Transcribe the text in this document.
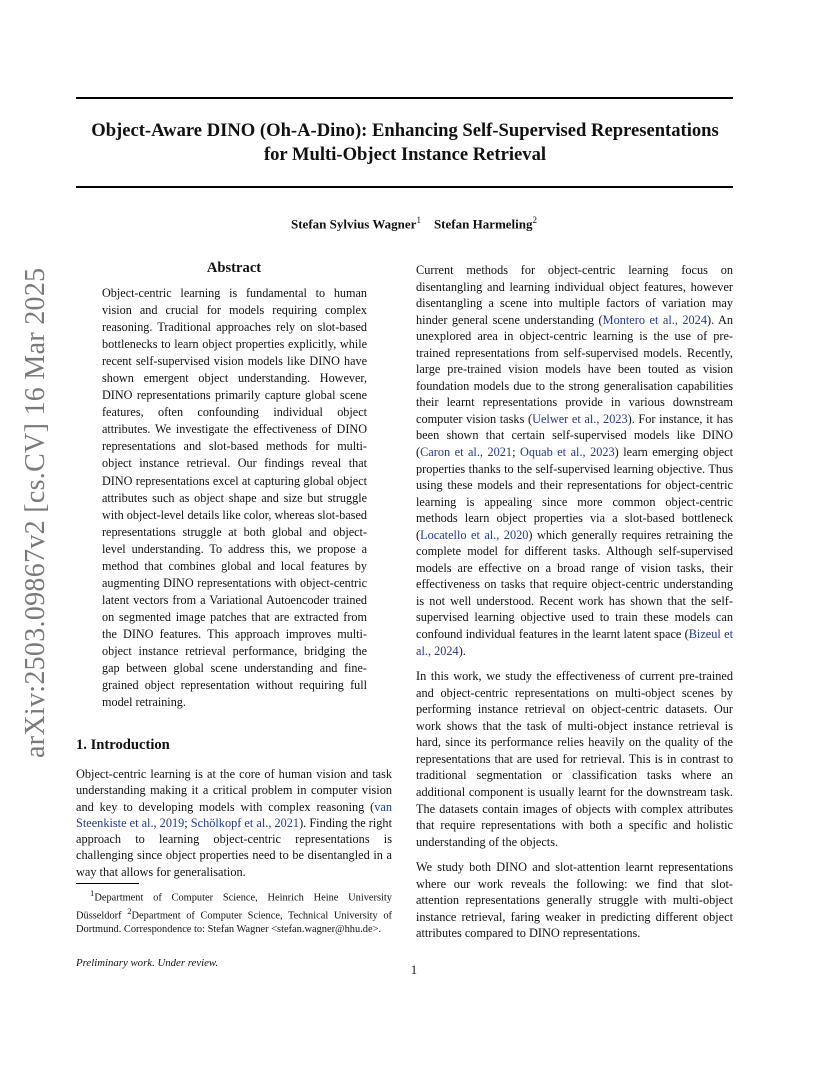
Object-Aware DINO (Oh-A-Dino): Enhancing Self-Supervised Representations
for Multi-Object Instance Retrieval
Stefan Sylvius Wagner$^1$ Stefan Harmeling$^2$
arXiv:2503.09867v2 [cs.CV] 16 Mar 2025	Abstract

Object-centric learning is fundamental to human vision and crucial for models requiring complex reasoning. Traditional approaches rely on slot-based bottlenecks to learn object properties explicitly, while recent self-supervised vision models like DINO have shown emergent object understanding. However, DINO representations primarily capture global scene features, often confounding individual object attributes. We investigate the effectiveness of DINO representations and slot-based methods for multi-object instance retrieval. Our findings reveal that DINO representations excel at capturing global object attributes such as object shape and size but struggle with object-level details like color, whereas slot-based representations struggle at both global and object-level understanding. To address this, we propose a method that combines global and local features by augmenting DINO representations with object-centric latent vectors from a Variational Autoencoder trained on segmented image patches that are extracted from the DINO features. This approach improves multi-object instance retrieval performance, bridging the gap between global scene understanding and fine-grained object representation without requiring full model retraining.

1. Introduction

Object-centric learning is at the core of human vision and task understanding making it a critical problem in computer vision and key to developing models with complex reasoning (van Steenkiste et al., 2019; Schölkopf et al., 2021). Finding the right approach to learning object-centric representations is challenging since object properties need to be disentangled in a way that allows for generalisation.

Current methods for object-centric learning focus on disentangling and learning individual object features, however disentangling a scene into multiple factors of variation may hinder general scene understanding (Montero et al., 2024). An unexplored area in object-centric learning is the use of pre-trained representations from self-supervised models. Recently, large pre-trained vision models have been touted as vision foundation models due to the strong generalisation capabilities their learnt representations provide in various downstream computer vision tasks (Uelwer et al., 2023). For instance, it has been shown that certain self-supervised models like DINO (Caron et al., 2021; Oquab et al., 2023) learn emerging object properties thanks to the self-supervised learning objective. Thus using these models and their representations for object-centric learning is appealing since more common object-centric methods learn object properties via a slot-based bottleneck (Locatello et al., 2020) which generally requires retraining the complete model for different tasks. Although self-supervised models are effective on a broad range of vision tasks, their effectiveness on tasks that require object-centric understanding is not well understood. Recent work has shown that the self-supervised learning objective used to train these models can confound individual features in the learnt latent space (Bizeul et al., 2024).

In this work, we study the effectiveness of current pre-trained and object-centric representations on multi-object scenes by performing instance retrieval on object-centric datasets. Our work shows that the task of multi-object instance retrieval is hard, since its performance relies heavily on the quality of the representations that are used for retrieval. This is in contrast to traditional segmentation or classification tasks where an additional component is usually learnt for the downstream task. The datasets contain images of objects with complex attributes that require representations with both a specific and holistic understanding of the objects.

We study both DINO and slot-attention learnt representations where our work reveals the following: we find that slot-attention representations generally struggle with multi-object instance retrieval, faring weaker in predicting different object attributes compared to DINO representations.

$^1$Department of Computer Science, Heinrich Heine University Düsseldorf $^2$Department of Computer Science, Technical University of Dortmund. Correspondence to: Stefan Wagner <stefan.wagner@hhu.de>.

Preliminary work. Under review.	1
